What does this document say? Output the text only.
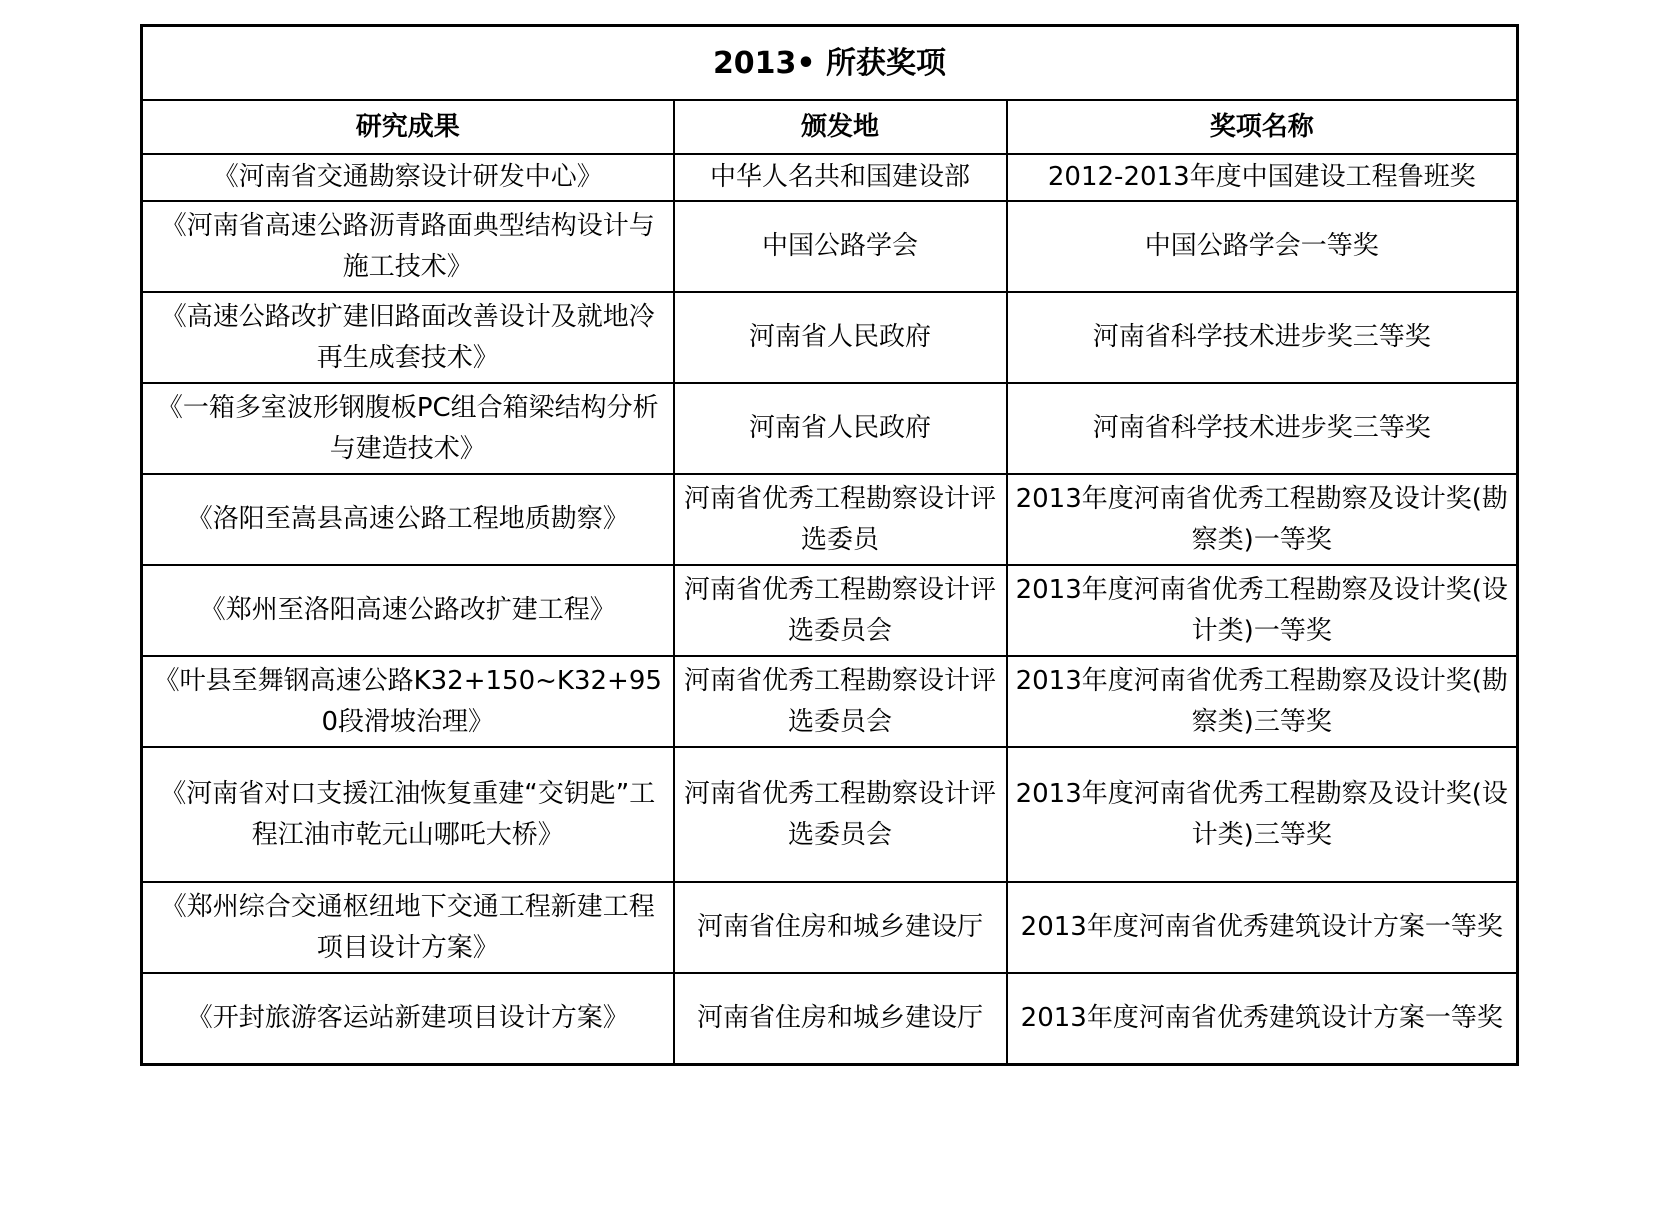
2013• 所获奖项		
研究成果	颁发地	奖项名称
《河南省交通勘察设计研发中心》	中华人名共和国建设部	2012-2013年度中国建设工程鲁班奖
《河南省高速公路沥青路面典型结构设计与施工技术》	中国公路学会	中国公路学会一等奖
《高速公路改扩建旧路面改善设计及就地冷再生成套技术》	河南省人民政府	河南省科学技术进步奖三等奖
《一箱多室波形钢腹板PC组合箱梁结构分析与建造技术》	河南省人民政府	河南省科学技术进步奖三等奖
《洛阳至嵩县高速公路工程地质勘察》	河南省优秀工程勘察设计评选委员	2013年度河南省优秀工程勘察及设计奖(勘察类)一等奖
《郑州至洛阳高速公路改扩建工程》	河南省优秀工程勘察设计评选委员会	2013年度河南省优秀工程勘察及设计奖(设计类)一等奖
《叶县至舞钢高速公路K32+150~K32+950段滑坡治理》	河南省优秀工程勘察设计评选委员会	2013年度河南省优秀工程勘察及设计奖(勘察类)三等奖
《河南省对口支援江油恢复重建“交钥匙”工程江油市乾元山哪吒大桥》	河南省优秀工程勘察设计评选委员会	2013年度河南省优秀工程勘察及设计奖(设计类)三等奖
《郑州综合交通枢纽地下交通工程新建工程项目设计方案》	河南省住房和城乡建设厅	2013年度河南省优秀建筑设计方案一等奖
《开封旅游客运站新建项目设计方案》	河南省住房和城乡建设厅	2013年度河南省优秀建筑设计方案一等奖
